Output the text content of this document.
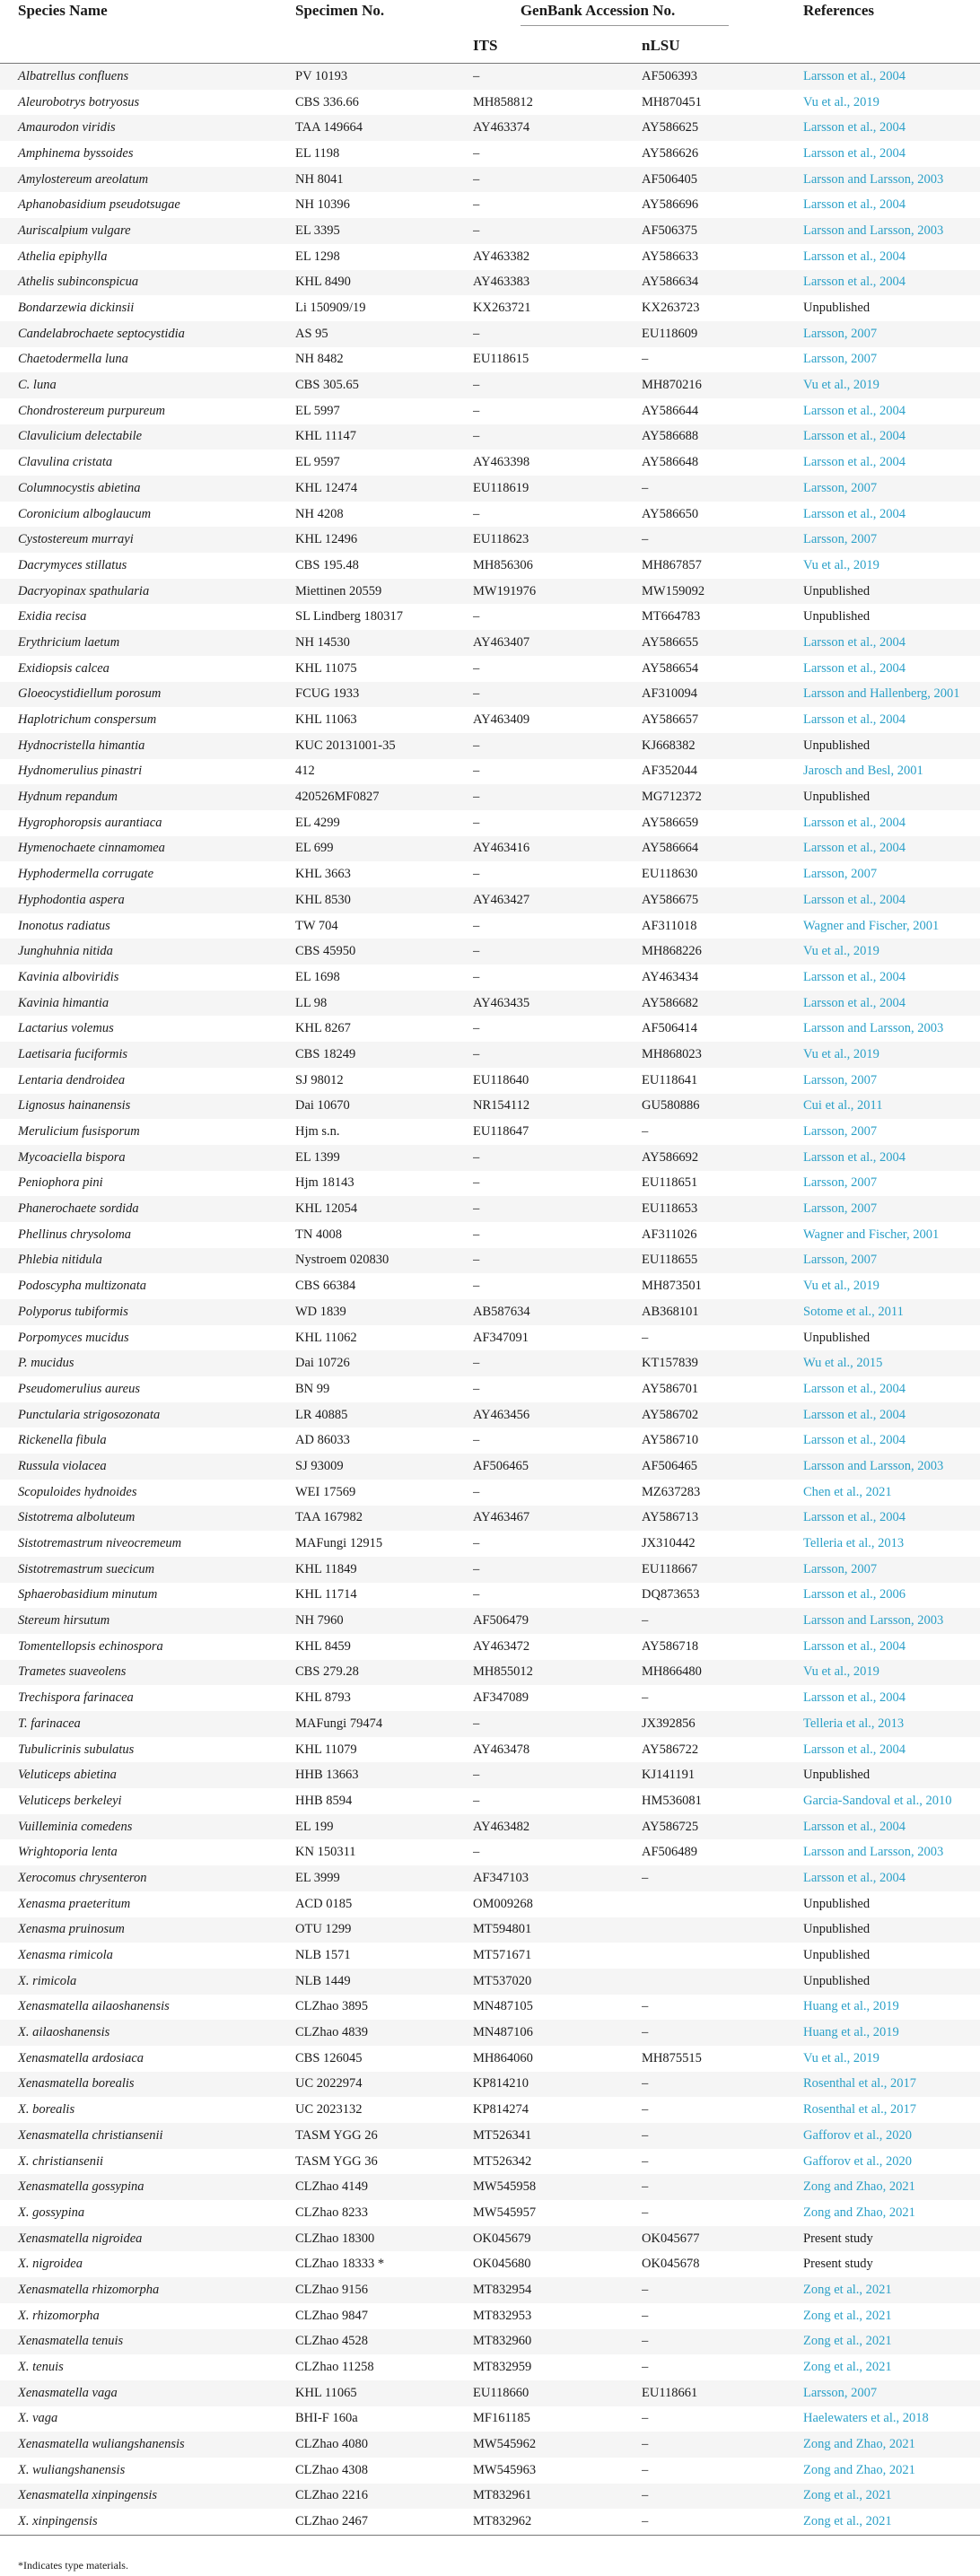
Species Name	Specimen No.	GenBank Accession No.		References
		ITS	nLSU	
Albatrellus confluens	PV 10193	–	AF506393	Larsson et al., 2004
Aleurobotrys botryosus	CBS 336.66	MH858812	MH870451	Vu et al., 2019
Amaurodon viridis	TAA 149664	AY463374	AY586625	Larsson et al., 2004
Amphinema byssoides	EL 1198	–	AY586626	Larsson et al., 2004
Amylostereum areolatum	NH 8041	–	AF506405	Larsson and Larsson, 2003
Aphanobasidium pseudotsugae	NH 10396	–	AY586696	Larsson et al., 2004
Auriscalpium vulgare	EL 3395	–	AF506375	Larsson and Larsson, 2003
Athelia epiphylla	EL 1298	AY463382	AY586633	Larsson et al., 2004
Athelis subinconspicua	KHL 8490	AY463383	AY586634	Larsson et al., 2004
Bondarzewia dickinsii	Li 150909/19	KX263721	KX263723	Unpublished
Candelabrochaete septocystidia	AS 95	–	EU118609	Larsson, 2007
Chaetodermella luna	NH 8482	EU118615	–	Larsson, 2007
C. luna	CBS 305.65	–	MH870216	Vu et al., 2019
Chondrostereum purpureum	EL 5997	–	AY586644	Larsson et al., 2004
Clavulicium delectabile	KHL 11147	–	AY586688	Larsson et al., 2004
Clavulina cristata	EL 9597	AY463398	AY586648	Larsson et al., 2004
Columnocystis abietina	KHL 12474	EU118619	–	Larsson, 2007
Coronicium alboglaucum	NH 4208	–	AY586650	Larsson et al., 2004
Cystostereum murrayi	KHL 12496	EU118623	–	Larsson, 2007
Dacrymyces stillatus	CBS 195.48	MH856306	MH867857	Vu et al., 2019
Dacryopinax spathularia	Miettinen 20559	MW191976	MW159092	Unpublished
Exidia recisa	SL Lindberg 180317	–	MT664783	Unpublished
Erythricium laetum	NH 14530	AY463407	AY586655	Larsson et al., 2004
Exidiopsis calcea	KHL 11075	–	AY586654	Larsson et al., 2004
Gloeocystidiellum porosum	FCUG 1933	–	AF310094	Larsson and Hallenberg, 2001
Haplotrichum conspersum	KHL 11063	AY463409	AY586657	Larsson et al., 2004
Hydnocristella himantia	KUC 20131001-35	–	KJ668382	Unpublished
Hydnomerulius pinastri	412	–	AF352044	Jarosch and Besl, 2001
Hydnum repandum	420526MF0827	–	MG712372	Unpublished
Hygrophoropsis aurantiaca	EL 4299	–	AY586659	Larsson et al., 2004
Hymenochaete cinnamomea	EL 699	AY463416	AY586664	Larsson et al., 2004
Hyphodermella corrugate	KHL 3663	–	EU118630	Larsson, 2007
Hyphodontia aspera	KHL 8530	AY463427	AY586675	Larsson et al., 2004
Inonotus radiatus	TW 704	–	AF311018	Wagner and Fischer, 2001
Junghuhnia nitida	CBS 45950	–	MH868226	Vu et al., 2019
Kavinia alboviridis	EL 1698	–	AY463434	Larsson et al., 2004
Kavinia himantia	LL 98	AY463435	AY586682	Larsson et al., 2004
Lactarius volemus	KHL 8267	–	AF506414	Larsson and Larsson, 2003
Laetisaria fuciformis	CBS 18249	–	MH868023	Vu et al., 2019
Lentaria dendroidea	SJ 98012	EU118640	EU118641	Larsson, 2007
Lignosus hainanensis	Dai 10670	NR154112	GU580886	Cui et al., 2011
Merulicium fusisporum	Hjm s.n.	EU118647	–	Larsson, 2007
Mycoaciella bispora	EL 1399	–	AY586692	Larsson et al., 2004
Peniophora pini	Hjm 18143	–	EU118651	Larsson, 2007
Phanerochaete sordida	KHL 12054	–	EU118653	Larsson, 2007
Phellinus chrysoloma	TN 4008	–	AF311026	Wagner and Fischer, 2001
Phlebia nitidula	Nystroem 020830	–	EU118655	Larsson, 2007
Podoscypha multizonata	CBS 66384	–	MH873501	Vu et al., 2019
Polyporus tubiformis	WD 1839	AB587634	AB368101	Sotome et al., 2011
Porpomyces mucidus	KHL 11062	AF347091	–	Unpublished
P. mucidus	Dai 10726	–	KT157839	Wu et al., 2015
Pseudomerulius aureus	BN 99	–	AY586701	Larsson et al., 2004
Punctularia strigosozonata	LR 40885	AY463456	AY586702	Larsson et al., 2004
Rickenella fibula	AD 86033	–	AY586710	Larsson et al., 2004
Russula violacea	SJ 93009	AF506465	AF506465	Larsson and Larsson, 2003
Scopuloides hydnoides	WEI 17569	–	MZ637283	Chen et al., 2021
Sistotrema alboluteum	TAA 167982	AY463467	AY586713	Larsson et al., 2004
Sistotremastrum niveocremeum	MAFungi 12915	–	JX310442	Telleria et al., 2013
Sistotremastrum suecicum	KHL 11849	–	EU118667	Larsson, 2007
Sphaerobasidium minutum	KHL 11714	–	DQ873653	Larsson et al., 2006
Stereum hirsutum	NH 7960	AF506479	–	Larsson and Larsson, 2003
Tomentellopsis echinospora	KHL 8459	AY463472	AY586718	Larsson et al., 2004
Trametes suaveolens	CBS 279.28	MH855012	MH866480	Vu et al., 2019
Trechispora farinacea	KHL 8793	AF347089	–	Larsson et al., 2004
T. farinacea	MAFungi 79474	–	JX392856	Telleria et al., 2013
Tubulicrinis subulatus	KHL 11079	AY463478	AY586722	Larsson et al., 2004
Veluticeps abietina	HHB 13663	–	KJ141191	Unpublished
Veluticeps berkeleyi	HHB 8594	–	HM536081	Garcia-Sandoval et al., 2010
Vuilleminia comedens	EL 199	AY463482	AY586725	Larsson et al., 2004
Wrightoporia lenta	KN 150311	–	AF506489	Larsson and Larsson, 2003
Xerocomus chrysenteron	EL 3999	AF347103	–	Larsson et al., 2004
Xenasma praeteritum	ACD 0185	OM009268		Unpublished
Xenasma pruinosum	OTU 1299	MT594801		Unpublished
Xenasma rimicola	NLB 1571	MT571671		Unpublished
X. rimicola	NLB 1449	MT537020		Unpublished
Xenasmatella ailaoshanensis	CLZhao 3895	MN487105	–	Huang et al., 2019
X. ailaoshanensis	CLZhao 4839	MN487106	–	Huang et al., 2019
Xenasmatella ardosiaca	CBS 126045	MH864060	MH875515	Vu et al., 2019
Xenasmatella borealis	UC 2022974	KP814210	–	Rosenthal et al., 2017
X. borealis	UC 2023132	KP814274	–	Rosenthal et al., 2017
Xenasmatella christiansenii	TASM YGG 26	MT526341	–	Gafforov et al., 2020
X. christiansenii	TASM YGG 36	MT526342	–	Gafforov et al., 2020
Xenasmatella gossypina	CLZhao 4149	MW545958	–	Zong and Zhao, 2021
X. gossypina	CLZhao 8233	MW545957	–	Zong and Zhao, 2021
Xenasmatella nigroidea	CLZhao 18300	OK045679	OK045677	Present study
X. nigroidea	CLZhao 18333 *	OK045680	OK045678	Present study
Xenasmatella rhizomorpha	CLZhao 9156	MT832954	–	Zong et al., 2021
X. rhizomorpha	CLZhao 9847	MT832953	–	Zong et al., 2021
Xenasmatella tenuis	CLZhao 4528	MT832960	–	Zong et al., 2021
X. tenuis	CLZhao 11258	MT832959	–	Zong et al., 2021
Xenasmatella vaga	KHL 11065	EU118660	EU118661	Larsson, 2007
X. vaga	BHI-F 160a	MF161185	–	Haelewaters et al., 2018
Xenasmatella wuliangshanensis	CLZhao 4080	MW545962	–	Zong and Zhao, 2021
X. wuliangshanensis	CLZhao 4308	MW545963	–	Zong and Zhao, 2021
Xenasmatella xinpingensis	CLZhao 2216	MT832961	–	Zong et al., 2021
X. xinpingensis	CLZhao 2467	MT832962	–	Zong et al., 2021
*Indicates type materials.
